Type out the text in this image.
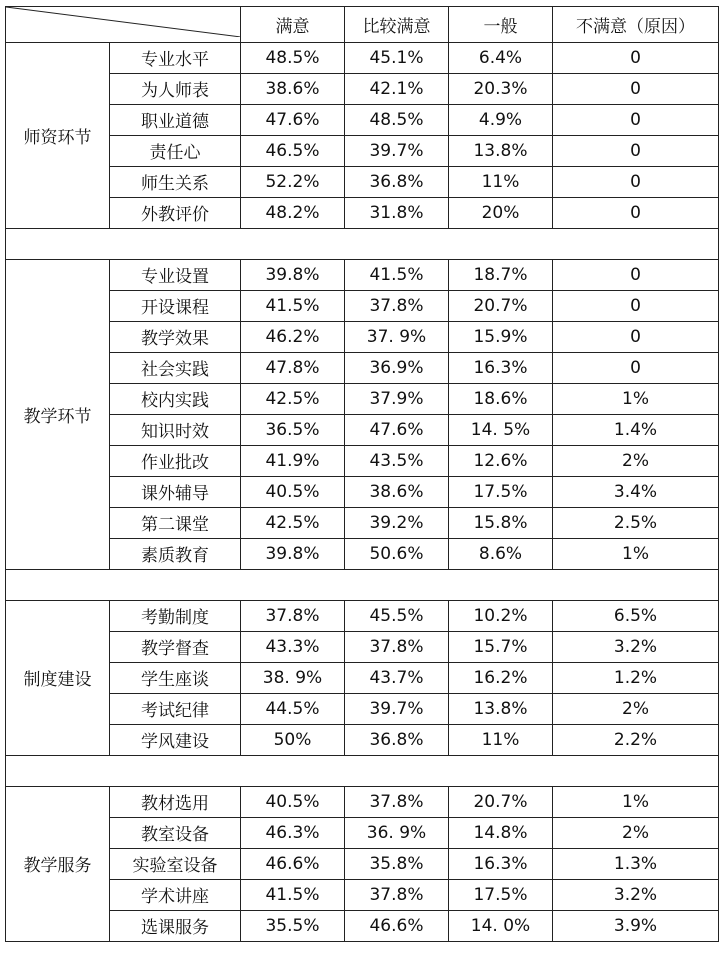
	满意	比较满意	一般	不满意（原因）
师资环节	专业水平	48.5%	45.1%	6.4%	0
	为人师表	38.6%	42.1%	20.3%	0
	职业道德	47.6%	48.5%	4.9%	0
	责任心	46.5%	39.7%	13.8%	0
	师生关系	52.2%	36.8%	11%	0
	外教评价	48.2%	31.8%	20%	0

教学环节	专业设置	39.8%	41.5%	18.7%	0
	开设课程	41.5%	37.8%	20.7%	0
	教学效果	46.2%	37. 9%	15.9%	0
	社会实践	47.8%	36.9%	16.3%	0
	校内实践	42.5%	37.9%	18.6%	1%
	知识时效	36.5%	47.6%	14. 5%	1.4%
	作业批改	41.9%	43.5%	12.6%	2%
	课外辅导	40.5%	38.6%	17.5%	3.4%
	第二课堂	42.5%	39.2%	15.8%	2.5%
	素质教育	39.8%	50.6%	8.6%	1%

制度建设	考勤制度	37.8%	45.5%	10.2%	6.5%
	教学督查	43.3%	37.8%	15.7%	3.2%
	学生座谈	38. 9%	43.7%	16.2%	1.2%
	考试纪律	44.5%	39.7%	13.8%	2%
	学风建设	50%	36.8%	11%	2.2%

教学服务	教材选用	40.5%	37.8%	20.7%	1%
	教室设备	46.3%	36. 9%	14.8%	2%
	实验室设备	46.6%	35.8%	16.3%	1.3%
	学术讲座	41.5%	37.8%	17.5%	3.2%
	选课服务	35.5%	46.6%	14. 0%	3.9%
